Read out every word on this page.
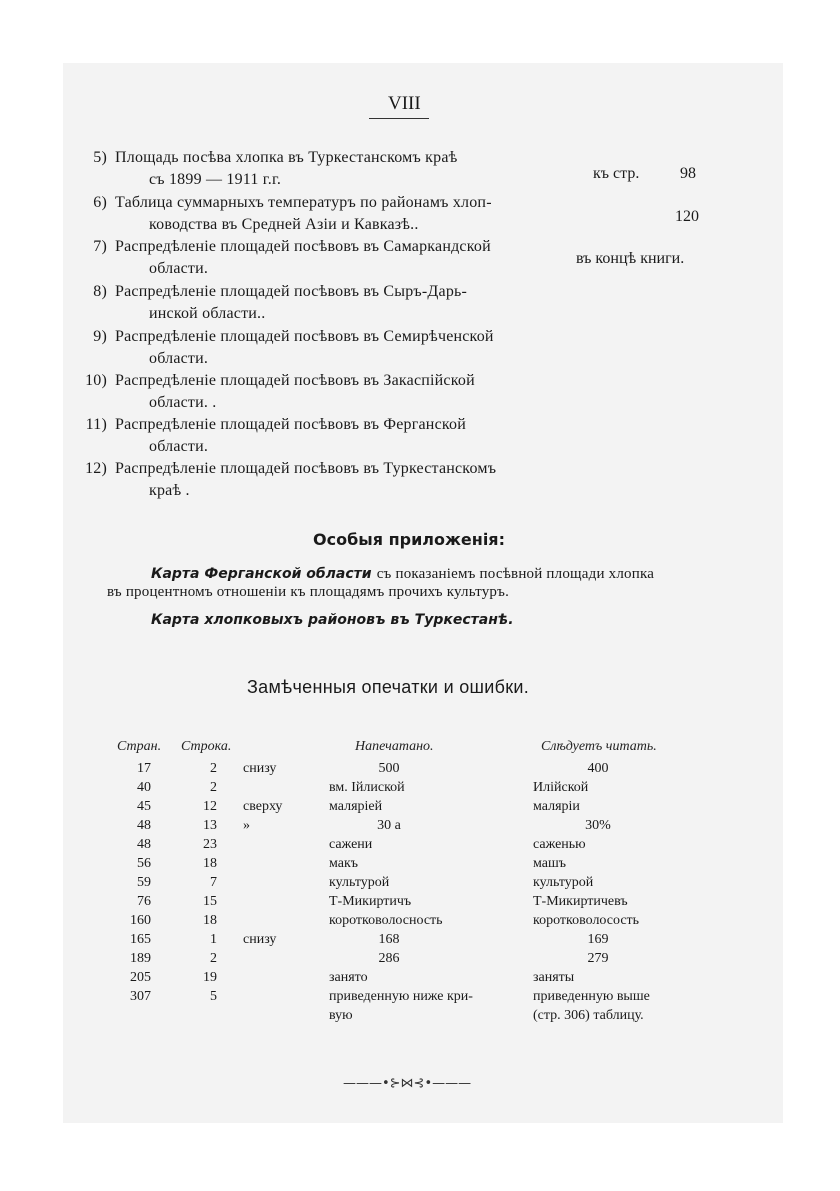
VIII
5) Площадь посѣва хлопка въ Туркестанскомъ краѣ
съ 1899 — 1911 г.г.	къ стр.	98
6) Таблица суммарныхъ температуръ по районамъ хлоп-
ководства въ Средней Азіи и Кавказѣ..	120
7) Распредѣленіе площадей посѣвовъ въ Самаркандской
области.
въ концѣ книги.
8) Распредѣленіе площадей посѣвовъ въ Сыръ-Дарь-
инской области..
9) Распредѣленіе площадей посѣвовъ въ Семирѣченской
области.
10) Распредѣленіе площадей посѣвовъ въ Закаспійской
области. .
11) Распредѣленіе площадей посѣвовъ въ Ферганской
области.
12) Распредѣленіе площадей посѣвовъ въ Туркестанскомъ
краѣ .
Особыя приложенія:
Карта Ферганской области съ показаніемъ посѣвной площади хлопка
въ процентномъ отношеніи къ площадямъ прочихъ культуръ.
Карта хлопковыхъ районовъ въ Туркестанѣ.
Замѣченныя опечатки и ошибки.
Стран. Строка.	Напечатано.	Слѣдуетъ читать.
17	2 снизу	500	400
40	2	вм. Ійлиской	Илійской
45	12 сверху	малярiей	малярiи
48	13 »	30 а	30%
48	23	сажени	саженью
56	18	макъ	машъ
59	7	культурой	культурой
76	15	Т-Микиртичъ	Т-Микиртичевъ
160	18	коротковолосность	коротковолосость
165	1 снизу	168	169
189	2	286	279
205	19	занято	заняты
307	5	приведенную ниже кри-	приведенную выше
вую	(стр. 306) таблицу.
———•⊱⋈⊰•———
